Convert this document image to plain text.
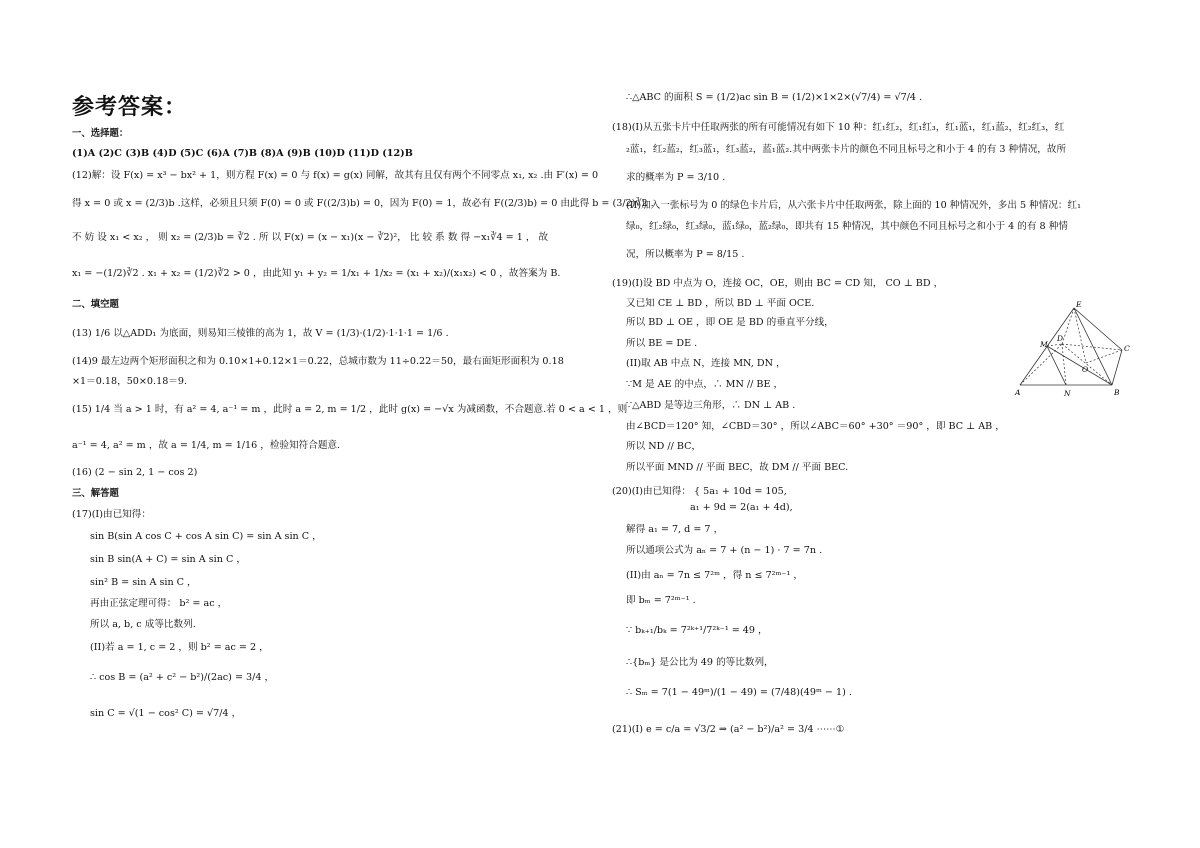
参考答案：
一、选择题：
(1)A (2)C (3)B (4)D (5)C (6)A (7)B (8)A (9)B (10)D (11)D (12)B
(12)解：设 F(x) = x³ − bx² + 1，则方程 F(x) = 0 与 f(x) = g(x) 同解，故其有且仅有两个不同零点 x₁, x₂ .由 F′(x) = 0
得 x = 0 或 x = (2/3)b .这样，必须且只须 F(0) = 0 或 F((2/3)b) = 0，因为 F(0) = 1，故必有 F((2/3)b) = 0 由此得 b = (3/2)∛2 .
不 妨 设 x₁ < x₂ ， 则 x₂ = (2/3)b = ∛2 . 所 以 F(x) = (x − x₁)(x − ∛2)²， 比 较 系 数 得 −x₁∛4 = 1 ， 故
x₁ = −(1/2)∛2 . x₁ + x₂ = (1/2)∛2 > 0 ，由此知 y₁ + y₂ = 1/x₁ + 1/x₂ = (x₁ + x₂)/(x₁x₂) < 0 ，故答案为 B.
二、填空题
(13) 1/6 以△ADD₁ 为底面，则易知三棱锥的高为 1，故 V = (1/3)·(1/2)·1·1·1 = 1/6 .
(14)9 最左边两个矩形面积之和为 0.10×1+0.12×1＝0.22，总城市数为 11÷0.22＝50，最右面矩形面积为 0.18
×1＝0.18，50×0.18＝9.
(15) 1/4 当 a > 1 时，有 a² = 4, a⁻¹ = m ，此时 a = 2, m = 1/2 ，此时 g(x) = −√x 为减函数，不合题意.若 0 < a < 1 ，则
a⁻¹ = 4, a² = m ，故 a = 1/4, m = 1/16 ，检验知符合题意.
(16) (2 − sin 2, 1 − cos 2)
三、解答题
(17)(I)由已知得：
sin B(sin A cos C + cos A sin C) = sin A sin C ，
sin B sin(A + C) = sin A sin C ，
sin² B = sin A sin C ，
再由正弦定理可得： b² = ac ，
所以 a, b, c 成等比数列.
(II)若 a = 1, c = 2 ，则 b² = ac = 2 ，
∴ cos B = (a² + c² − b²)/(2ac) = 3/4 ，
sin C = √(1 − cos² C) = √7/4 ，
∴△ABC 的面积 S = (1/2)ac sin B = (1/2)×1×2×(√7/4) = √7/4 .
(18)(I)从五张卡片中任取两张的所有可能情况有如下 10 种：红₁红₂，红₁红₃，红₁蓝₁，红₁蓝₂，红₂红₃，红
₂蓝₁，红₂蓝₂，红₃蓝₁，红₃蓝₂，蓝₁蓝₂.其中两张卡片的颜色不同且标号之和小于 4 的有 3 种情况，故所
求的概率为 P = 3/10 .
(II)加入一张标号为 0 的绿色卡片后，从六张卡片中任取两张，除上面的 10 种情况外，多出 5 种情况：红₁
绿₀，红₂绿₀，红₃绿₀，蓝₁绿₀，蓝₂绿₀，即共有 15 种情况，其中颜色不同且标号之和小于 4 的有 8 种情
况，所以概率为 P = 8/15 .
(19)(I)设 BD 中点为 O，连接 OC，OE，则由 BC = CD 知， CO ⊥ BD ，
又已知 CE ⊥ BD ，所以 BD ⊥ 平面 OCE.
所以 BD ⊥ OE ，即 OE 是 BD 的垂直平分线，
所以 BE = DE .
(II)取 AB 中点 N，连接 MN, DN ，
∵M 是 AE 的中点，∴ MN // BE ，
∵△ABD 是等边三角形，∴ DN ⊥ AB .
由∠BCD＝120° 知，∠CBD＝30° ，所以∠ABC＝60° +30° ＝90° ，即 BC ⊥ AB ，
所以 ND // BC，
所以平面 MND // 平面 BEC，故 DM // 平面 BEC.
(20)(I)由已知得： { 5a₁ + 10d = 105,
a₁ + 9d = 2(a₁ + 4d),
解得 a₁ = 7, d = 7 ，
所以通项公式为 aₙ = 7 + (n − 1) · 7 = 7n .
(II)由 aₙ = 7n ≤ 7²ᵐ ，得 n ≤ 7²ᵐ⁻¹ ，
即 bₘ = 7²ᵐ⁻¹ .
∵ bₖ₊₁/bₖ = 7²ᵏ⁺¹/7²ᵏ⁻¹ = 49 ，
∴{bₘ} 是公比为 49 的等比数列，
∴ Sₘ = 7(1 − 49ᵐ)/(1 − 49) = (7/48)(49ᵐ − 1) .
(21)(I) e = c/a = √3/2 ⇒ (a² − b²)/a² = 3/4 ⋯⋯①
E
M
D
C
O
A	N	B
